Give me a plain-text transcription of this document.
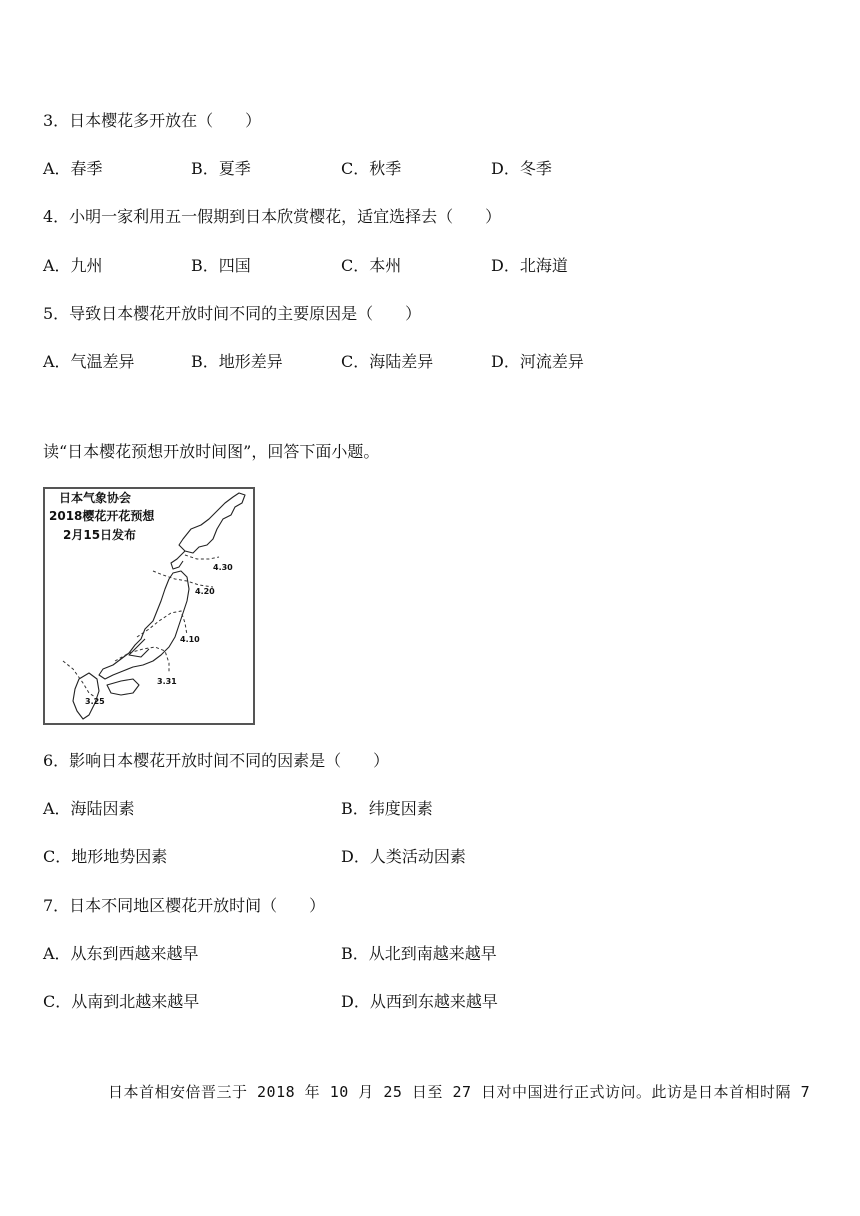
3．日本樱花多开放在（　　）
A．春季	B．夏季	C．秋季	D．冬季
4．小明一家利用五一假期到日本欣赏樱花，适宜选择去（　　）
A．九州	B．四国	C．本州	D．北海道
5．导致日本樱花开放时间不同的主要原因是（　　）
A．气温差异	B．地形差异	C．海陆差异	D．河流差异
读“日本樱花预想开放时间图”，回答下面小题。
日本气象协会
2018樱花开花预想
2月15日发布
4.30
4.20
4.10
3.31
3.25
6．影响日本樱花开放时间不同的因素是（　　）
A．海陆因素	B．纬度因素
C．地形地势因素	D．人类活动因素
7．日本不同地区樱花开放时间（　　）
A．从东到西越来越早	B．从北到南越来越早
C．从南到北越来越早	D．从西到东越来越早
日本首相安倍晋三于 2018 年 10 月 25 日至 27 日对中国进行正式访问。此访是日本首相时隔 7
